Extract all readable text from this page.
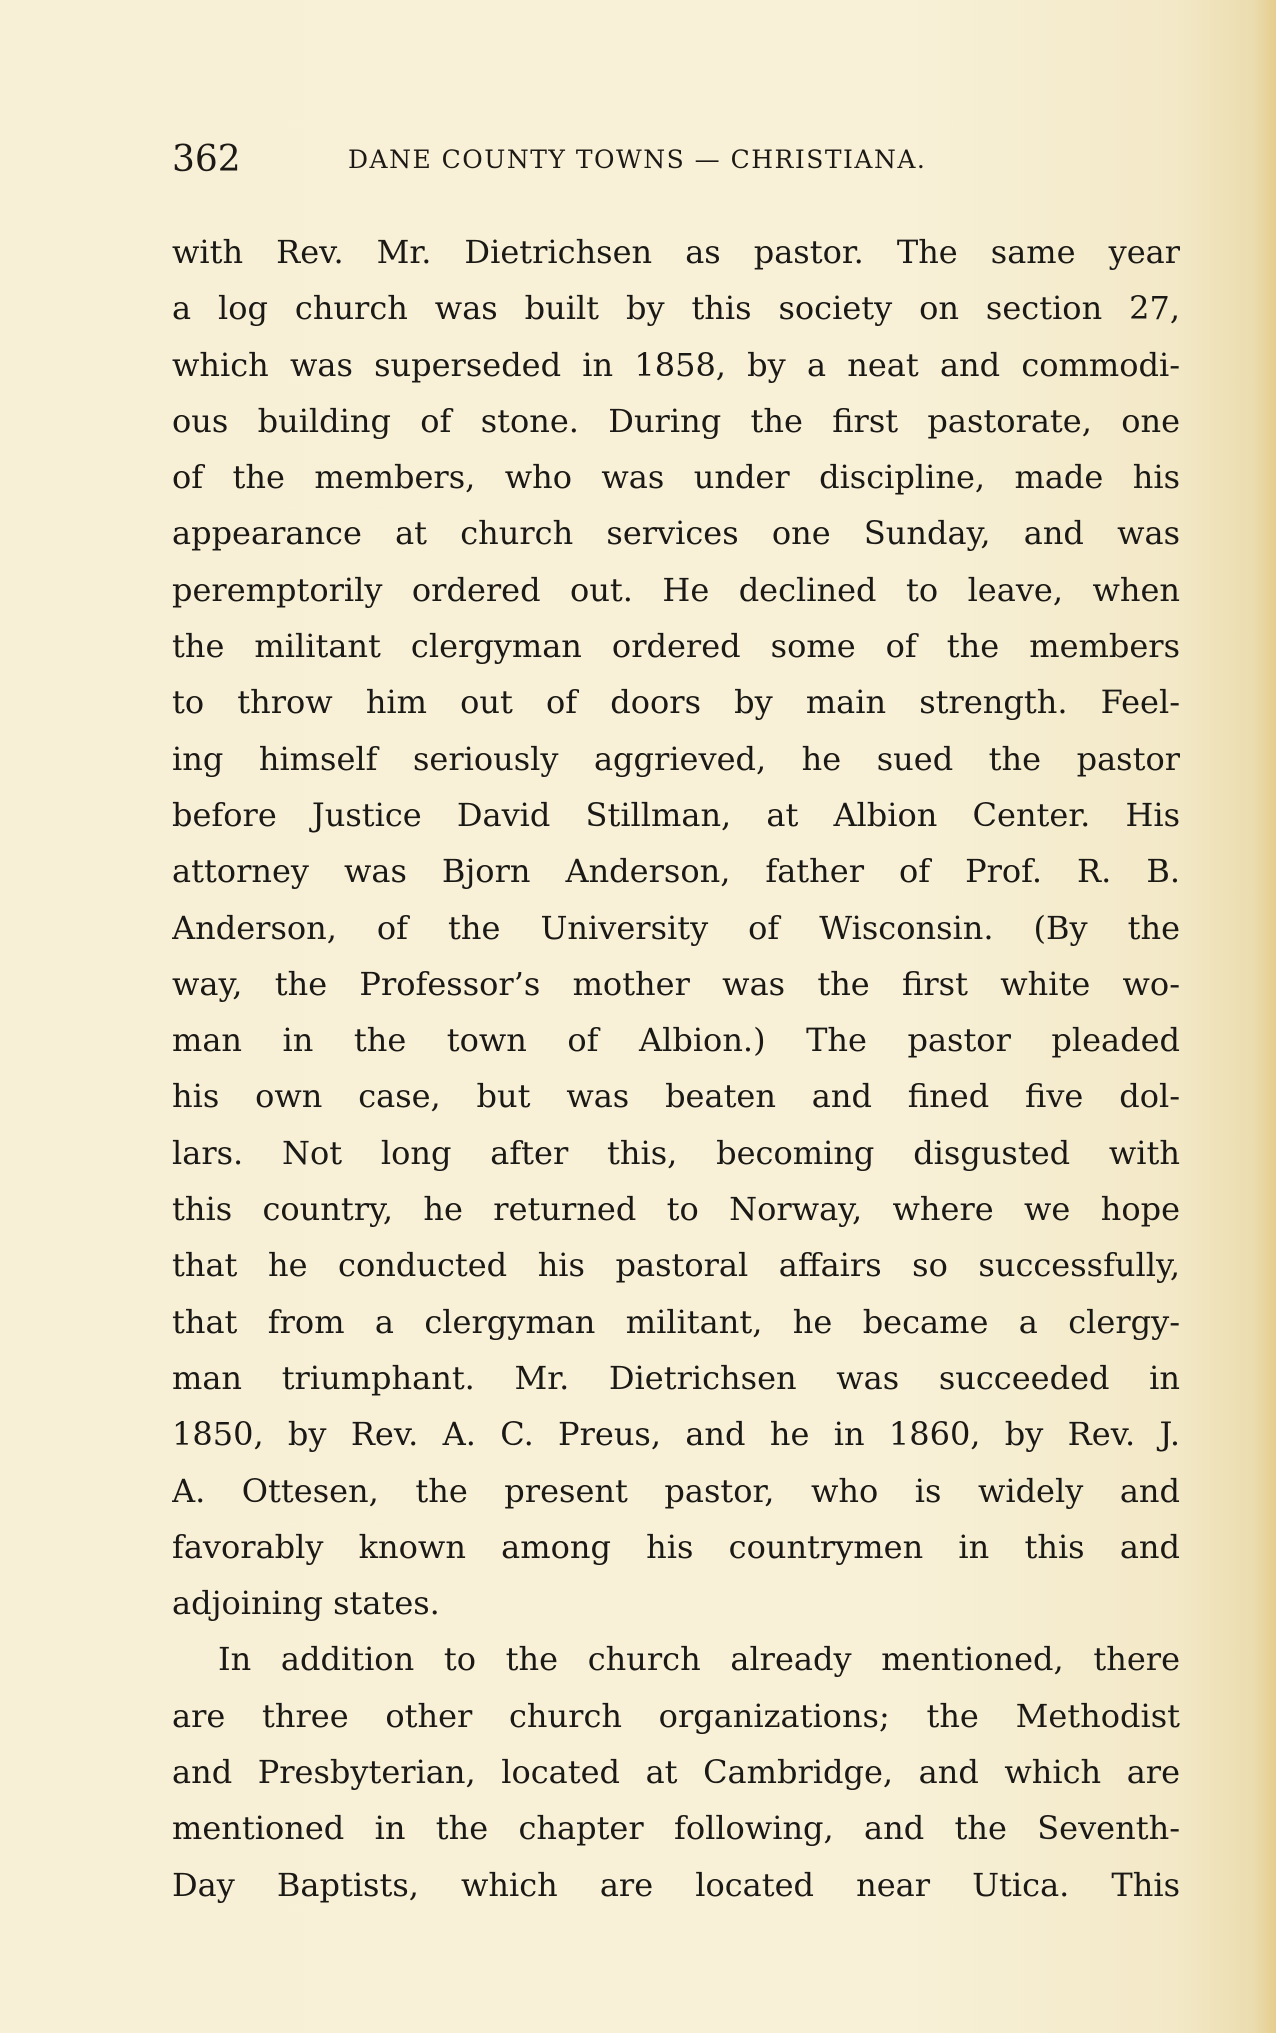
362	DANE COUNTY TOWNS — CHRISTIANA.
with Rev. Mr. Dietrichsen as pastor. The same year
a log church was built by this society on section 27,
which was superseded in 1858, by a neat and commodi-
ous building of stone. During the first pastorate, one
of the members, who was under discipline, made his
appearance at church services one Sunday, and was
peremptorily ordered out. He declined to leave, when
the militant clergyman ordered some of the members
to throw him out of doors by main strength. Feel-
ing himself seriously aggrieved, he sued the pastor
before Justice David Stillman, at Albion Center. His
attorney was Bjorn Anderson, father of Prof. R. B.
Anderson, of the University of Wisconsin. (By the
way, the Professor’s mother was the first white wo-
man in the town of Albion.) The pastor pleaded
his own case, but was beaten and fined five dol-
lars. Not long after this, becoming disgusted with
this country, he returned to Norway, where we hope
that he conducted his pastoral affairs so successfully,
that from a clergyman militant, he became a clergy-
man triumphant. Mr. Dietrichsen was succeeded in
1850, by Rev. A. C. Preus, and he in 1860, by Rev. J.
A. Ottesen, the present pastor, who is widely and
favorably known among his countrymen in this and
adjoining states.
In addition to the church already mentioned, there
are three other church organizations; the Methodist
and Presbyterian, located at Cambridge, and which are
mentioned in the chapter following, and the Seventh-
Day Baptists, which are located near Utica. This
